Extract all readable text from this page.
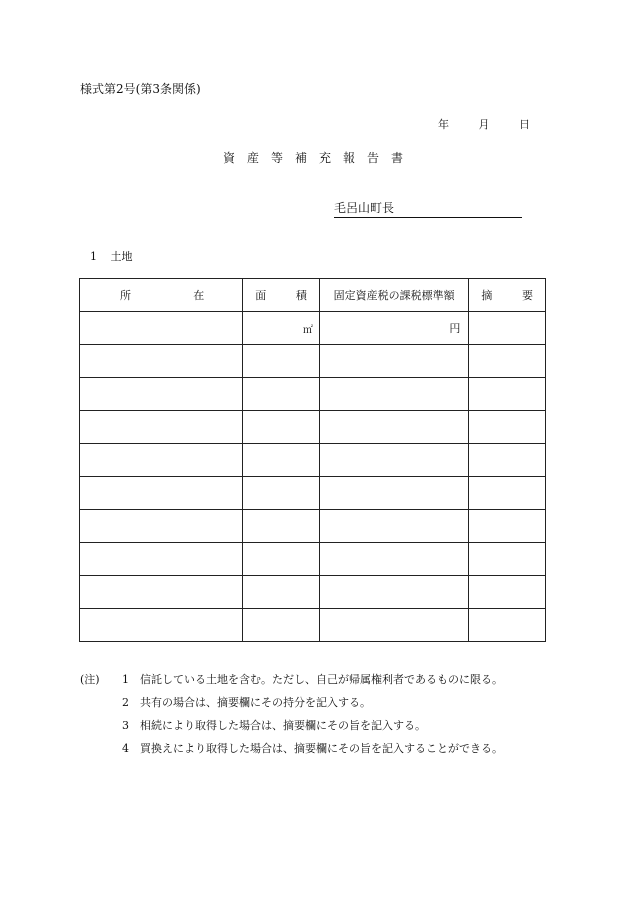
様式第2号(第3条関係)
年	月	日
資産等補充報告書
毛呂山町長
1 土地
所 在	面 積	固定資産税の課税標準額	摘 要

	㎡	円	

(注)	1	信託している土地を含む。ただし、自己が帰属権利者であるものに限る。
2	共有の場合は、摘要欄にその持分を記入する。
3	相続により取得した場合は、摘要欄にその旨を記入する。
4	買換えにより取得した場合は、摘要欄にその旨を記入することができる。
